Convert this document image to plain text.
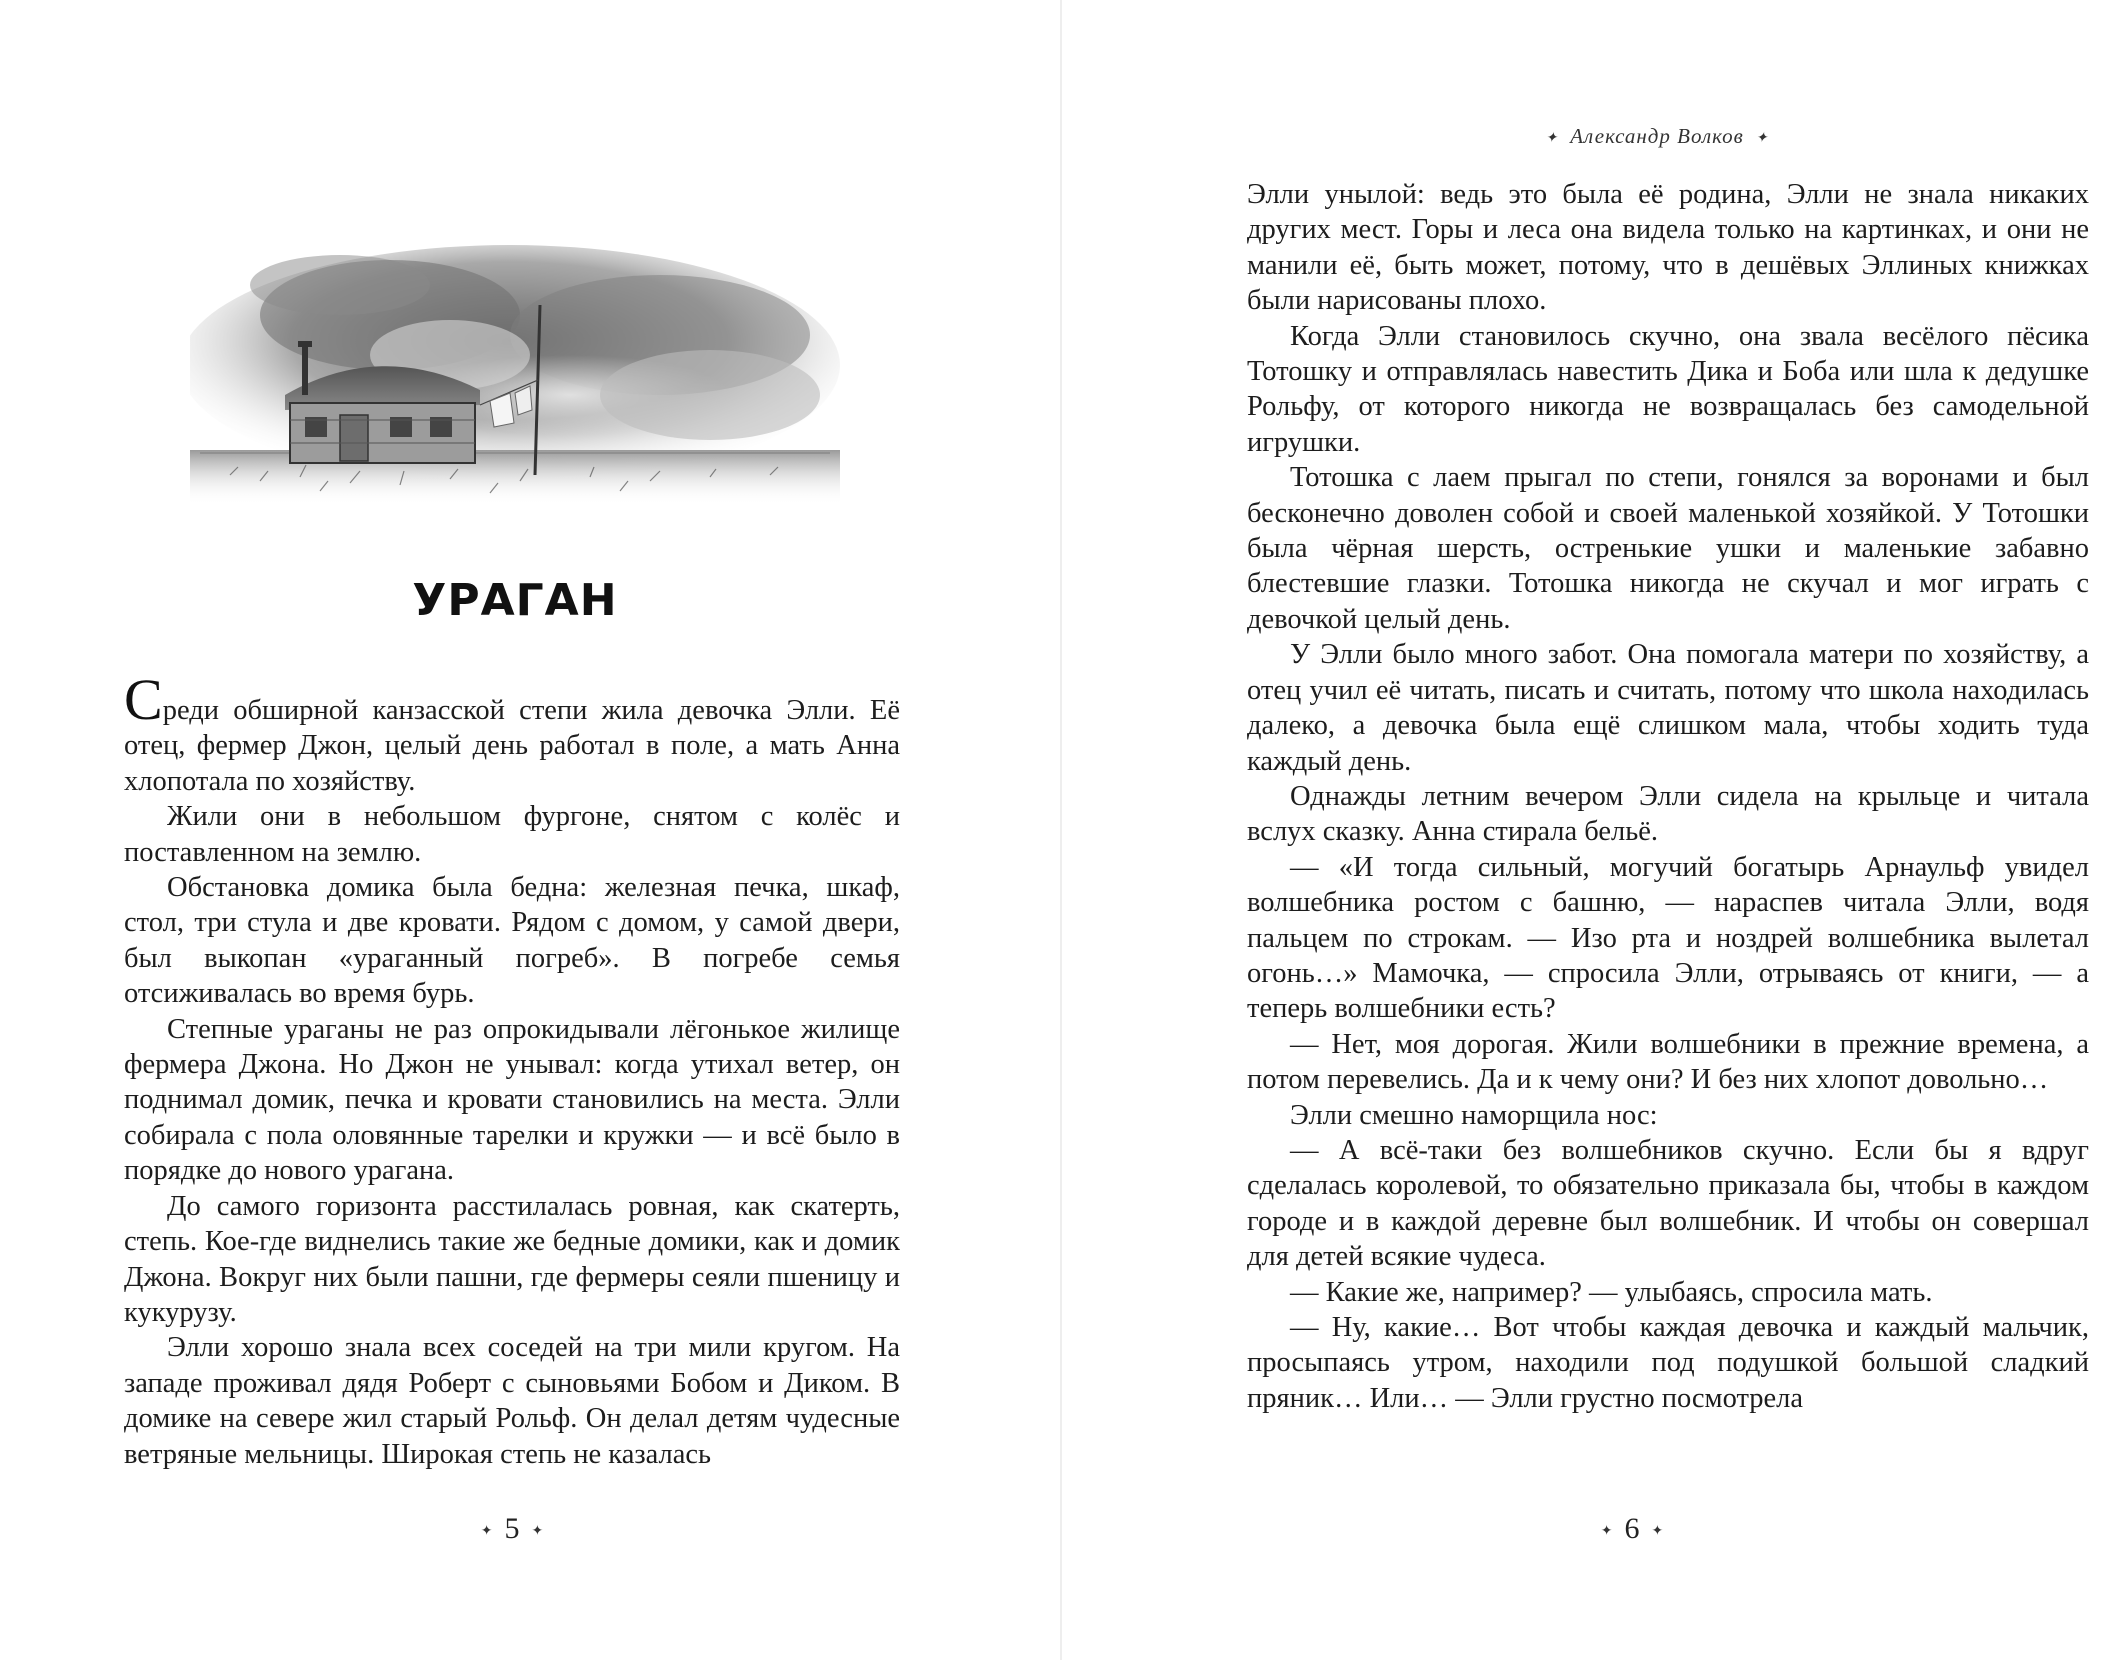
УРАГАН

Среди обширной канзасской степи жила девочка Элли. Её отец, фермер Джон, целый день работал в поле, а мать Анна хлопотала по хозяйству.

Жили они в небольшом фургоне, снятом с колёс и поставленном на землю.

Обстановка домика была бедна: железная печка, шкаф, стол, три стула и две кровати. Рядом с домом, у самой двери, был выкопан «ураганный погреб». В погребе семья отсиживалась во время бурь.

Степные ураганы не раз опрокидывали лёгонькое жилище фермера Джона. Но Джон не унывал: когда утихал ветер, он поднимал домик, печка и кровати становились на места. Элли собирала с пола оловянные тарелки и кружки — и всё было в порядке до нового урагана.

До самого горизонта расстилалась ровная, как скатерть, степь. Кое-где виднелись такие же бедные домики, как и домик Джона. Вокруг них были пашни, где фермеры сеяли пшеницу и кукурузу.

Элли хорошо знала всех соседей на три мили кругом. На западе проживал дядя Роберт с сыновьями Бобом и Диком. В домике на севере жил старый Рольф. Он делал детям чудесные ветряные мельницы. Широкая степь не казалась

✦ 5 ✦
✦ Александр Волков ✦

Элли унылой: ведь это была её родина, Элли не знала никаких других мест. Горы и леса она видела только на картинках, и они не манили её, быть может, потому, что в дешёвых Эллиных книжках были нарисованы плохо.

Когда Элли становилось скучно, она звала весёлого пёсика Тотошку и отправлялась навестить Дика и Боба или шла к дедушке Рольфу, от которого никогда не возвращалась без самодельной игрушки.

Тотошка с лаем прыгал по степи, гонялся за воронами и был бесконечно доволен собой и своей маленькой хозяйкой. У Тотошки была чёрная шерсть, остренькие ушки и маленькие забавно блестевшие глазки. Тотошка никогда не скучал и мог играть с девочкой целый день.

У Элли было много забот. Она помогала матери по хозяйству, а отец учил её читать, писать и считать, потому что школа находилась далеко, а девочка была ещё слишком мала, чтобы ходить туда каждый день.

Однажды летним вечером Элли сидела на крыльце и читала вслух сказку. Анна стирала бельё.

— «И тогда сильный, могучий богатырь Арнаульф увидел волшебника ростом с башню, — нараспев читала Элли, водя пальцем по строкам. — Изо рта и ноздрей волшебника вылетал огонь…» Мамочка, — спросила Элли, отрываясь от книги, — а теперь волшебники есть?

— Нет, моя дорогая. Жили волшебники в прежние времена, а потом перевелись. Да и к чему они? И без них хлопот довольно…

Элли смешно наморщила нос:

— А всё-таки без волшебников скучно. Если бы я вдруг сделалась королевой, то обязательно приказала бы, чтобы в каждом городе и в каждой деревне был волшебник. И чтобы он совершал для детей всякие чудеса.

— Какие же, например? — улыбаясь, спросила мать.

— Ну, какие… Вот чтобы каждая девочка и каждый мальчик, просыпаясь утром, находили под подушкой большой сладкий пряник… Или… — Элли грустно посмотрела

✦ 6 ✦
